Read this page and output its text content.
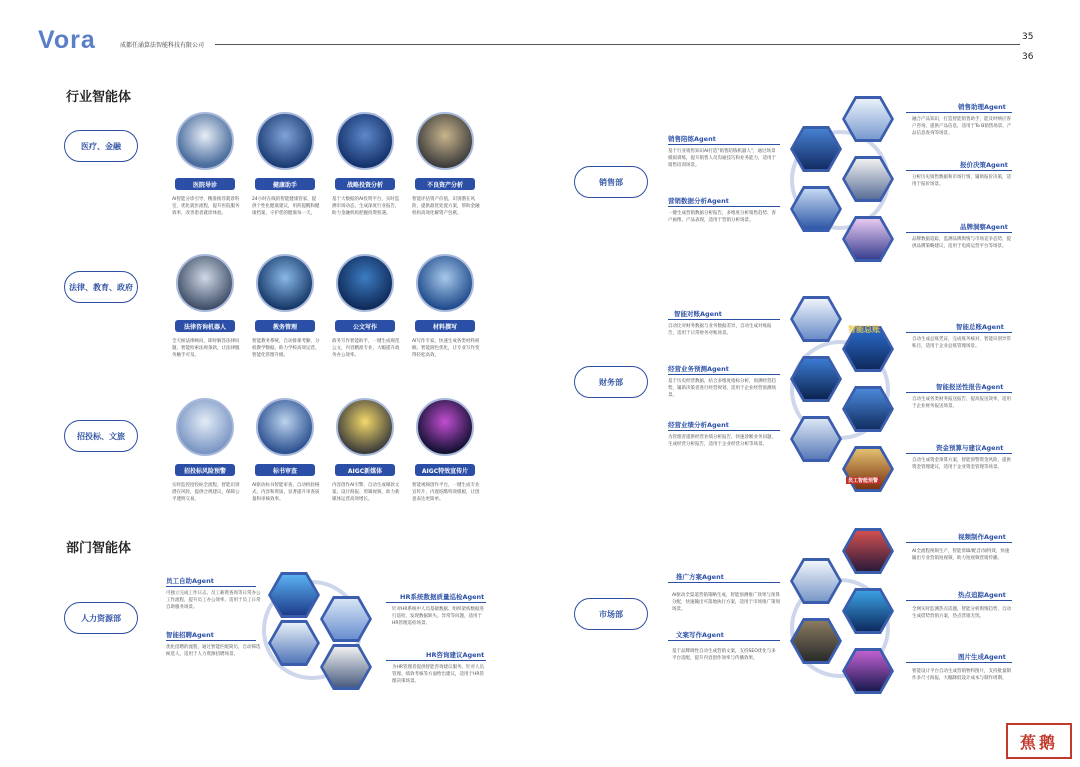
Vora	成都任涌算法智能科技有限公司
35
36
行业智能体
医疗、金融
医院导诊	健康助手	战略投资分析	不良资产分析
AI智能分诊引导，精准推荐就诊科室，优化就医流程，提升医院服务效率，改善患者就诊体验。
24小时在线的智能健康管家，提供个性化健康建议，用药提醒和健康档案，守护您的健康每一天。
基于大数据的AI投资平台，实时监测市场动态，生成深度行业报告，助力金融机构把握投资机遇。
智能评估资产价值，识别潜在风险，提供最优处置方案，帮助金融机构高效化解资产包袱。
法律、教育、政府
法律咨询机器人	教务管理	公文写作	材料撰写
全天候法律顾问，即时解答法律问题，智能检索法规条款，让法律服务触手可及。
智能教务系统，自动排课考勤，分析教学数据，助力学校高效运营，智能化管理升级。
政务写作智能助手，一键生成规范公文，内容精准专业，大幅提升政务办公效率。
AI写作专家，快速生成各类材料初稿，智能润色优化，让专业写作变得轻松高效。
招投标、文旅
招投标风险预警	标书审查	AIGC新媒体	AIGC特效宣传片
实时监控招投标全流程，智能识别潜在风险，提供合规建议，保障公平透明交易。
AI驱动标书智能审查，自动校验格式，内容和资质，显著提升审查质量和审核效率。
内容创作AI引擎，自动生成爆款文案、设计海报、剪辑视频，助力新媒体运营高效增长。
智能视频创作平台，一键生成专业宣传片，内置炫酷特效模板，让创意表达更简单。
部门智能体
人力资源部
员工自助Agent
可独立完成工作日志、员工薪资查询等日常办公工作流程，提升员工办公效率，适用于员工日常自助服务场景。
智能招聘Agent
优化招聘的流程，通过智能匹配简历，自动筛选候选人，适用于人力资源招聘场景。
HR系统数据质量巡检Agent
针对HR系统中人员基础数据、组织架构数据进行巡检，发现数据缺失、异常等问题，适用于HR管理巡检场景。
HR咨询建议Agent
为HR管理者提供智能咨询建议服务，针对人员管理、绩效考核等方面给出建议，适用于HR管理决策场景。
销售部
销售陪练Agent
基于行业销售知识AI打造"销售陪练机器人"，通过场景模拟训练，提升销售人员沟通技巧和业务能力，适用于销售培训场景。
营销数据分析Agent
一键生成营销数据分析报告，多维度分析销售趋势、客户画像、产品表现，适用于营销分析场景。
销售助理Agent
融合产品知识，打造智能销售助手，能及时响应客户咨询，提供产品信息，适用于To B销售场景、产品信息查询等场景。
报价决策Agent
分析历史销售数据和市场行情，辅助报价决策，适用于报价场景。
品牌洞察Agent
品牌数据追踪，监测品牌舆情与市场竞争态势，提供品牌策略建议，适用于电商运营平台等场景。
财务部
智能总账
员工智能预警
智能对账Agent
自动比对财务数据与业务数据差异，自动生成对账报告，适用于日常财务对账场景。
经营业务预测Agent
基于历史经营数据，结合多维度指标分析，预测经营趋势，辅助决策者进行经营规划，适用于企业经营预测场景。
经营业绩分析Agent
为管理者提供经营业绩分析报告，快速诊断业务问题，生成经营分析报告，适用于企业经营分析等场景。
智能总账Agent
自动生成总账凭证，完成账务核对，智能识别异常账目，适用于企业总账管理场景。
智能报送性报告Agent
自动生成各类财务报送报告，提高报送效率，适用于企业财务报送场景。
资金预算与建议Agent
自动生成资金预算方案，智能预警资金风险，提供资金管理建议，适用于企业资金管理等场景。
市场部
推广方案Agent
AI驱动全渠道营销策略生成，智能预测推广效果与预算分配，快速输出可落地执行方案，适用于市场推广策划场景。
文案写作Agent
基于品牌调性自动生成营销文案，支持SEO优化与多平台适配，提升内容创作效率与传播效果。
视频制作Agent
AI全流程视频生产，智能剪辑/配音/加特效，快速输出专业营销短视频，助力短视频营销传播。
热点追踪Agent
全网实时监测热点话题，智能分析舆情趋势，自动生成借势营销方案，热点营销无忧。
图片生成Agent
智能设计平台自动生成营销物料图片，支持批量制作多尺寸海报，大幅降低设计成本与制作周期。
蕉鹅
